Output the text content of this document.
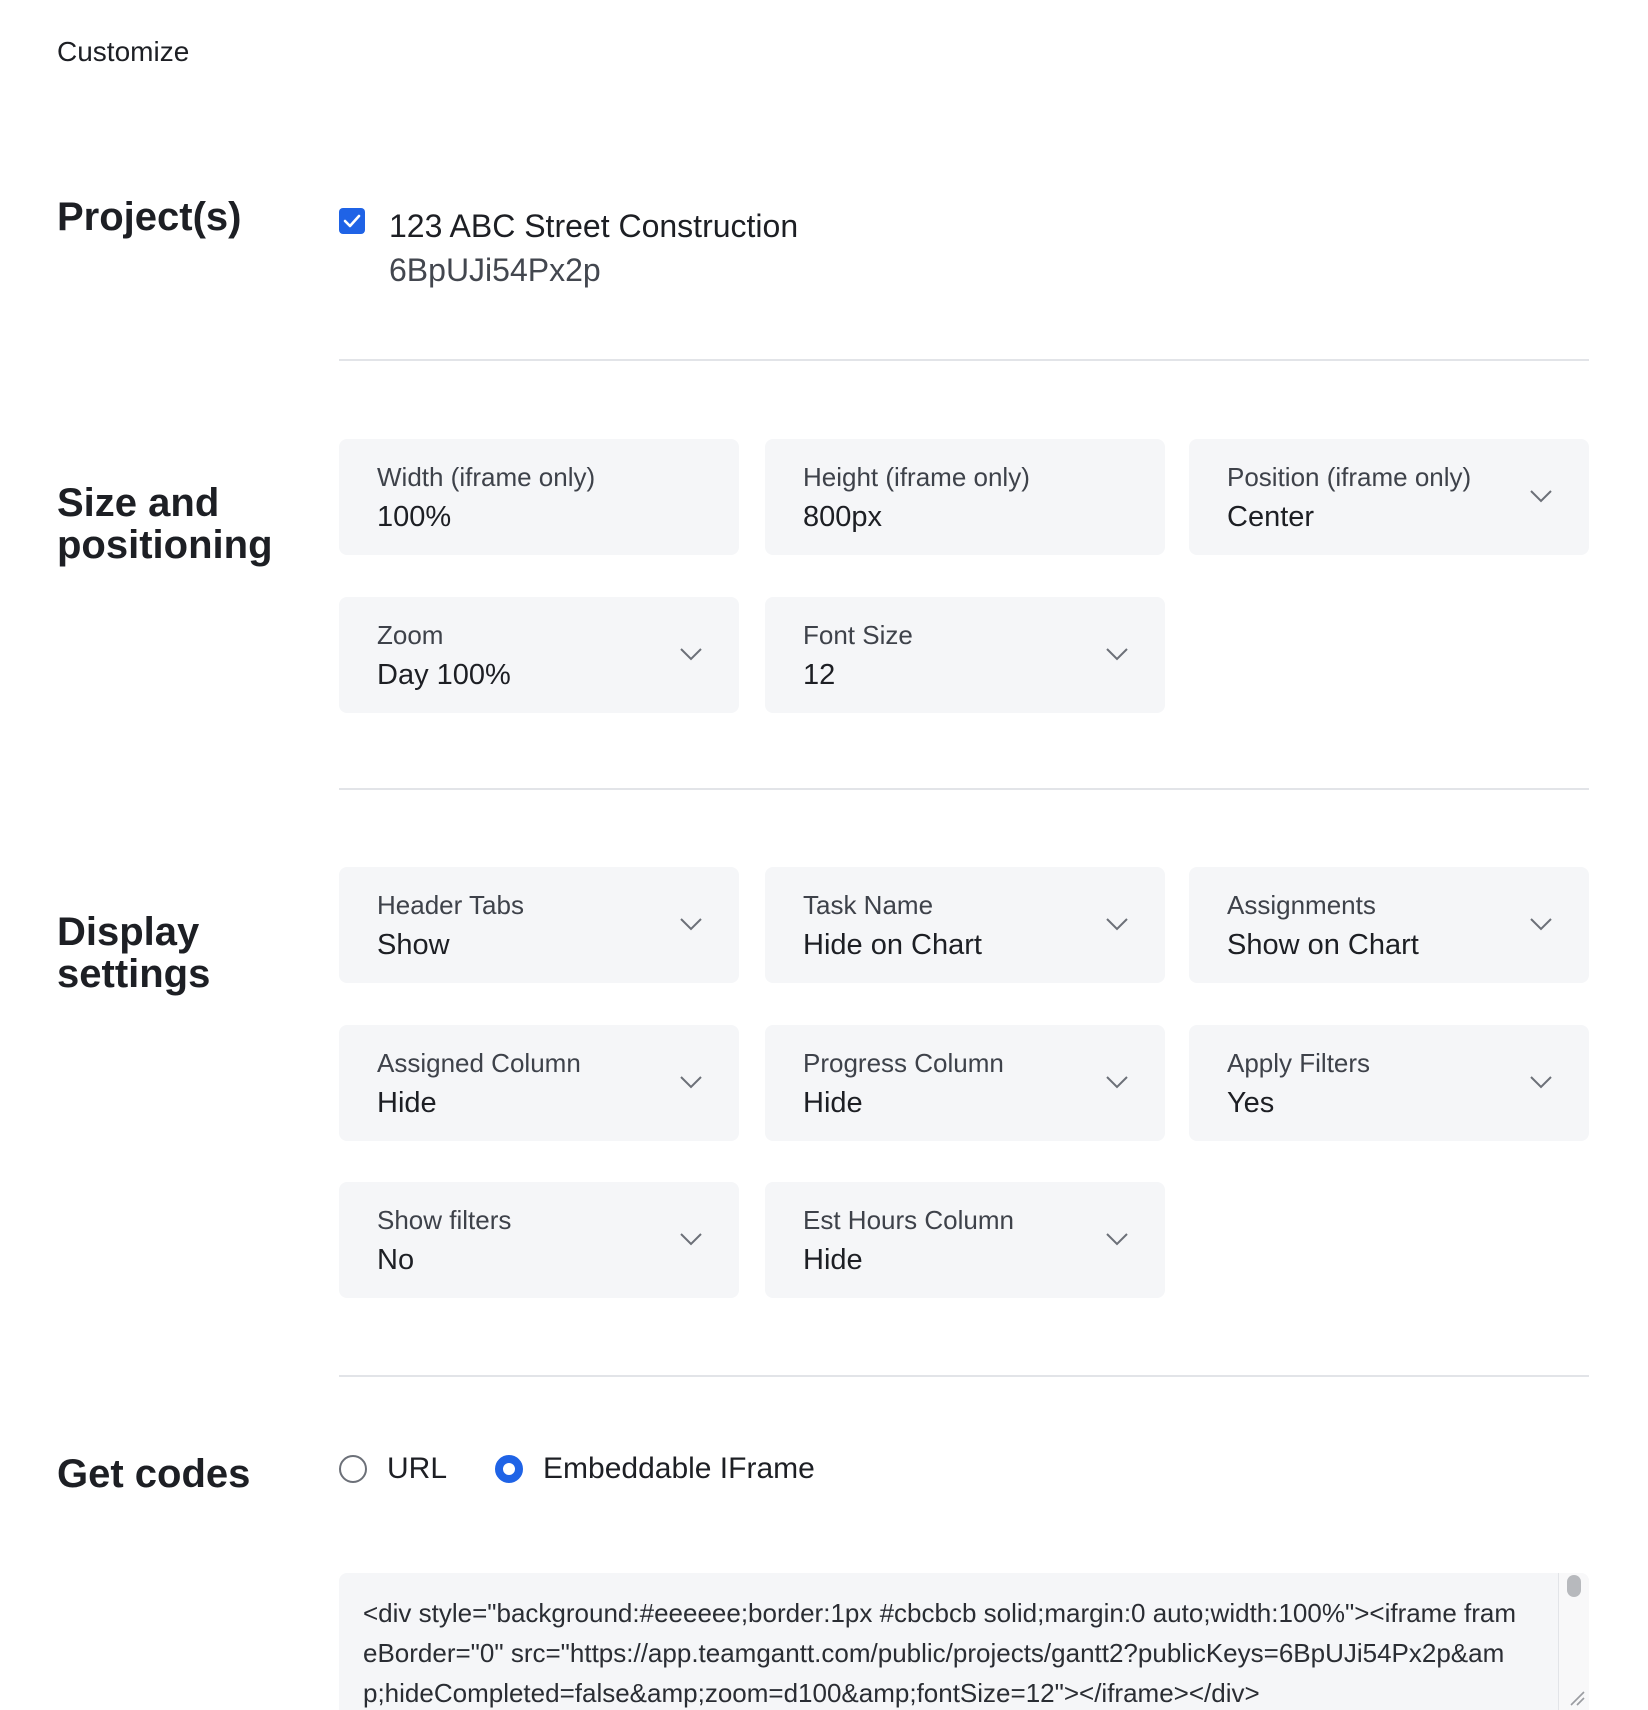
Customize
Project(s)	123 ABC Street Construction
6BpUJi54Px2p
Size and positioning
Width (iframe only)
100%
Height (iframe only)
800px
Position (iframe only)
Center
Zoom
Day 100%
Font Size
12
Display settings
Header Tabs
Show
Task Name
Hide on Chart
Assignments
Show on Chart
Assigned Column
Hide
Progress Column
Hide
Apply Filters
Yes
Show filters
No
Est Hours Column
Hide
Get codes	URL	Embeddable IFrame
<div style="background:#eeeeee;border:1px #cbcbcb solid;margin:0 auto;width:100%"><iframe frameBorder="0" src="https://app.teamgantt.com/public/projects/gantt2?publicKeys=6BpUJi54Px2p&amp;hideCompleted=false&amp;zoom=d100&amp;fontSize=12"></iframe></div>
